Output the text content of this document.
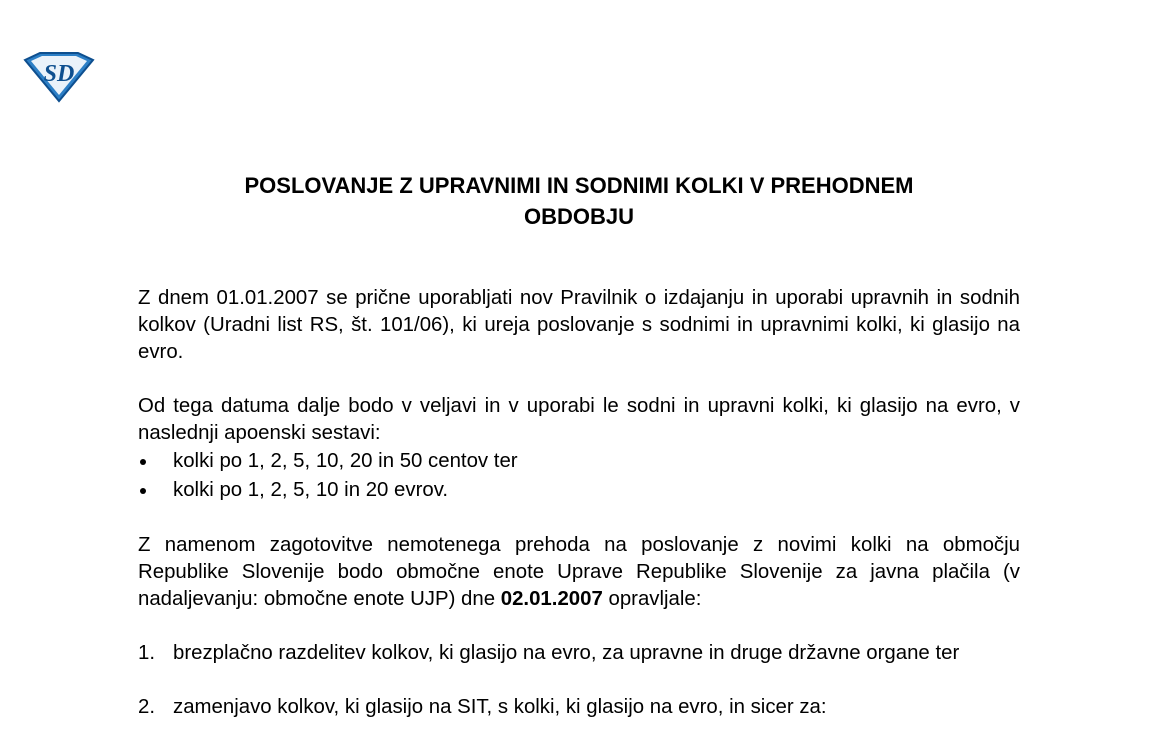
SD
POSLOVANJE Z UPRAVNIMI IN SODNIMI KOLKI V PREHODNEM
OBDOBJU

Z dnem 01.01.2007 se prične uporabljati nov Pravilnik o izdajanju in uporabi upravnih in sodnih kolkov (Uradni list RS, št. 101/06), ki ureja poslovanje s sodnimi in upravnimi kolki, ki glasijo na evro.

Od tega datuma dalje bodo v veljavi in v uporabi le sodni in upravni kolki, ki glasijo na evro, v naslednji apoenski sestavi:

kolki po 1, 2, 5, 10, 20 in 50 centov ter
kolki po 1, 2, 5, 10 in 20 evrov.

Z namenom zagotovitve nemotenega prehoda na poslovanje z novimi kolki na območju Republike Slovenije bodo območne enote Uprave Republike Slovenije za javna plačila (v nadaljevanju: območne enote UJP) dne 02.01.2007 opravljale:

1. brezplačno razdelitev kolkov, ki glasijo na evro, za upravne in druge državne organe ter
2. zamenjavo kolkov, ki glasijo na SIT, s kolki, ki glasijo na evro, in sicer za:
